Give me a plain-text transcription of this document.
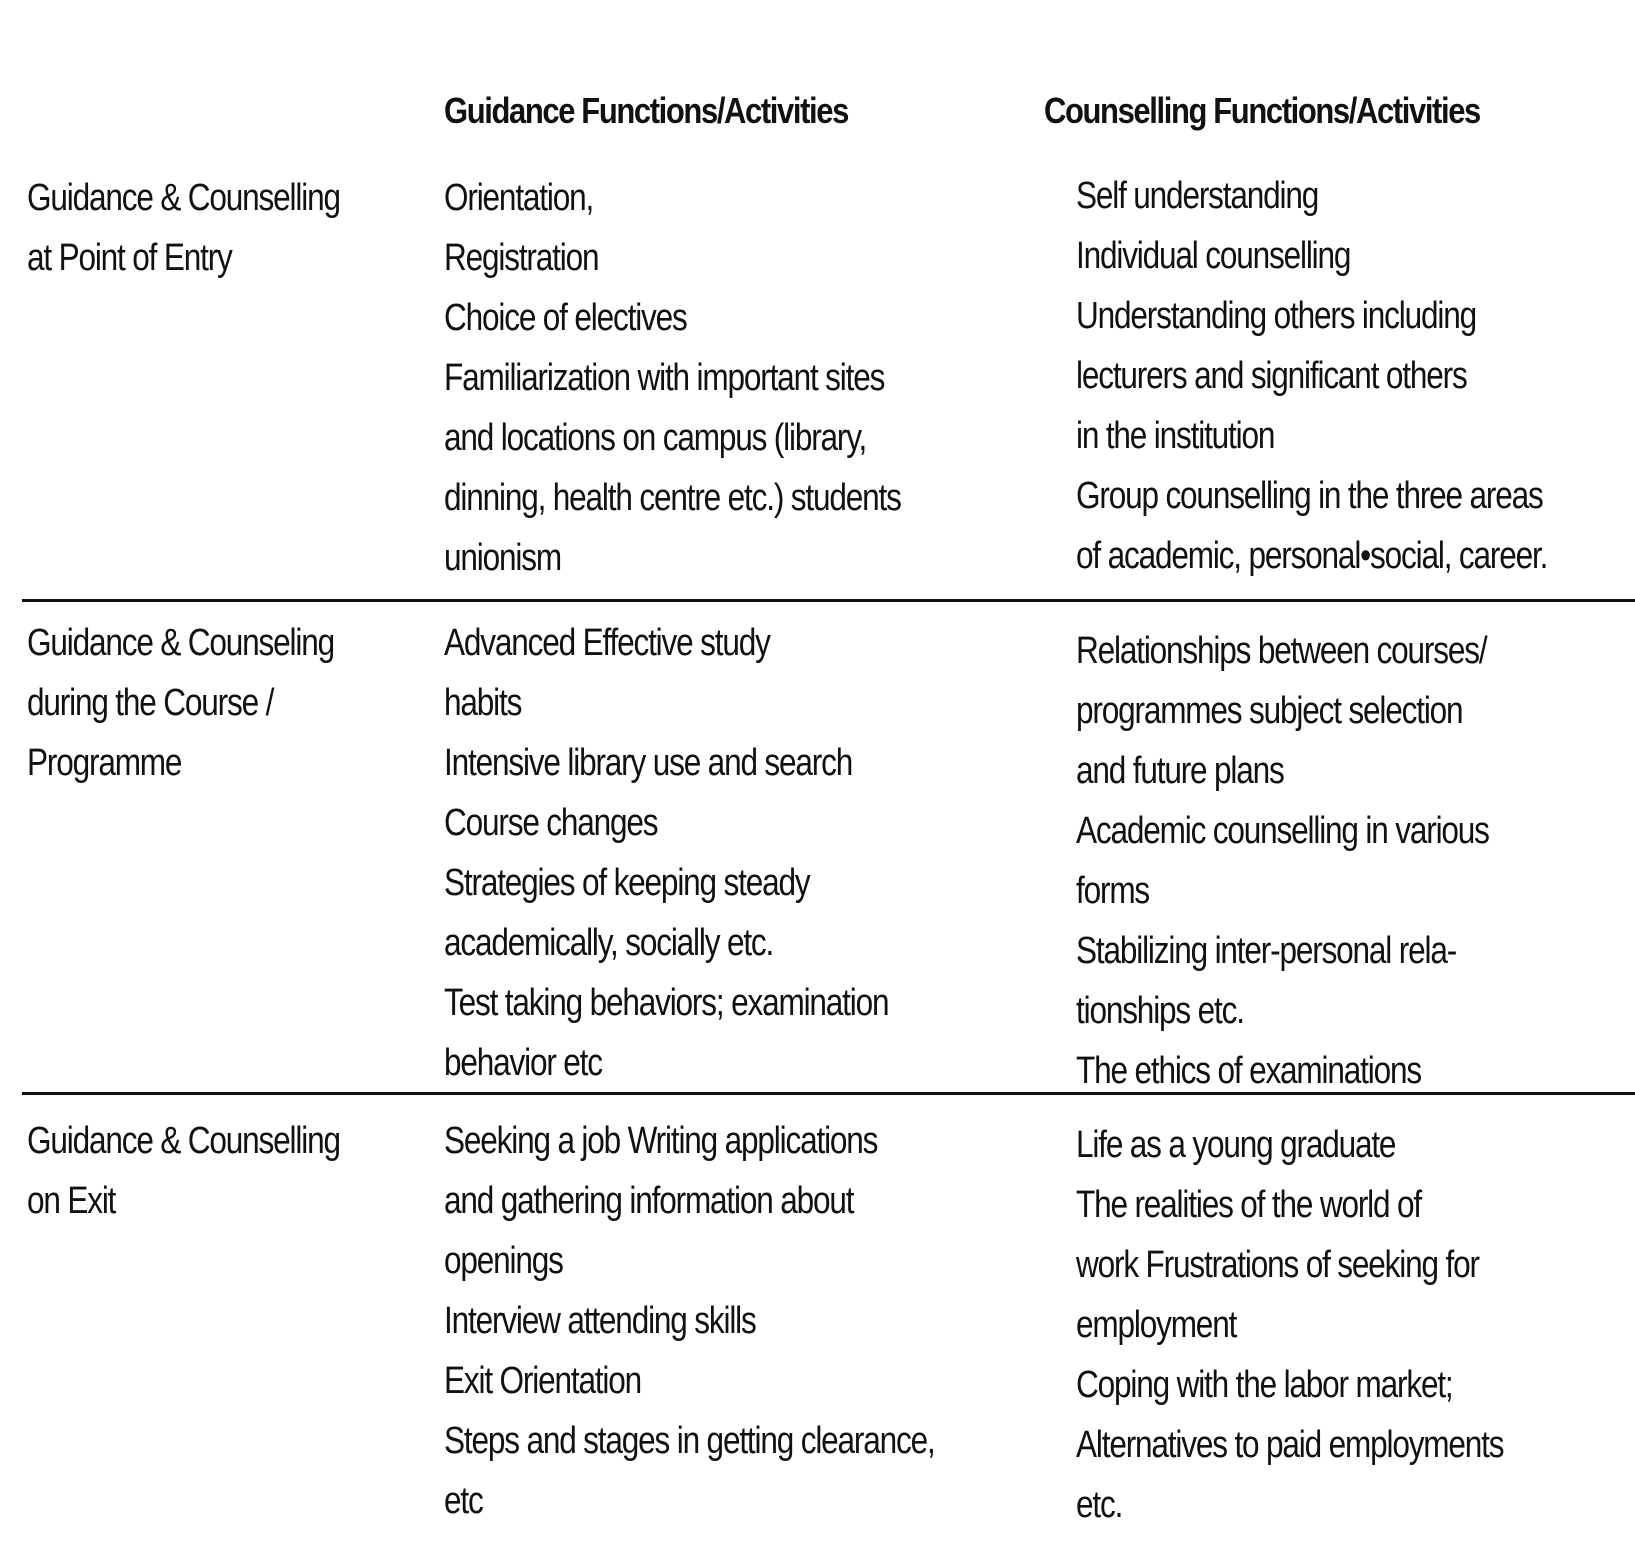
Guidance Functions/Activities	Counselling Functions/Activities
Guidance & Counselling
at Point of Entry
Orientation,
Registration
Choice of electives
Familiarization with important sites
and locations on campus (library,
dinning, health centre etc.) students
unionism
Self understanding
Individual counselling
Understanding others including
lecturers and significant others
in the institution
Group counselling in the three areas
of academic, personal•social, career.
Guidance & Counseling
during the Course /
Programme
Advanced Effective study
habits
Intensive library use and search
Course changes
Strategies of keeping steady
academically, socially etc.
Test taking behaviors; examination
behavior etc
Relationships between courses/
programmes subject selection
and future plans
Academic counselling in various
forms
Stabilizing inter-personal rela-
tionships etc.
The ethics of examinations
Guidance & Counselling
on Exit
Seeking a job Writing applications
and gathering information about
openings
Interview attending skills
Exit Orientation
Steps and stages in getting clearance,
etc
Life as a young graduate
The realities of the world of
work Frustrations of seeking for
employment
Coping with the labor market;
Alternatives to paid employments
etc.
